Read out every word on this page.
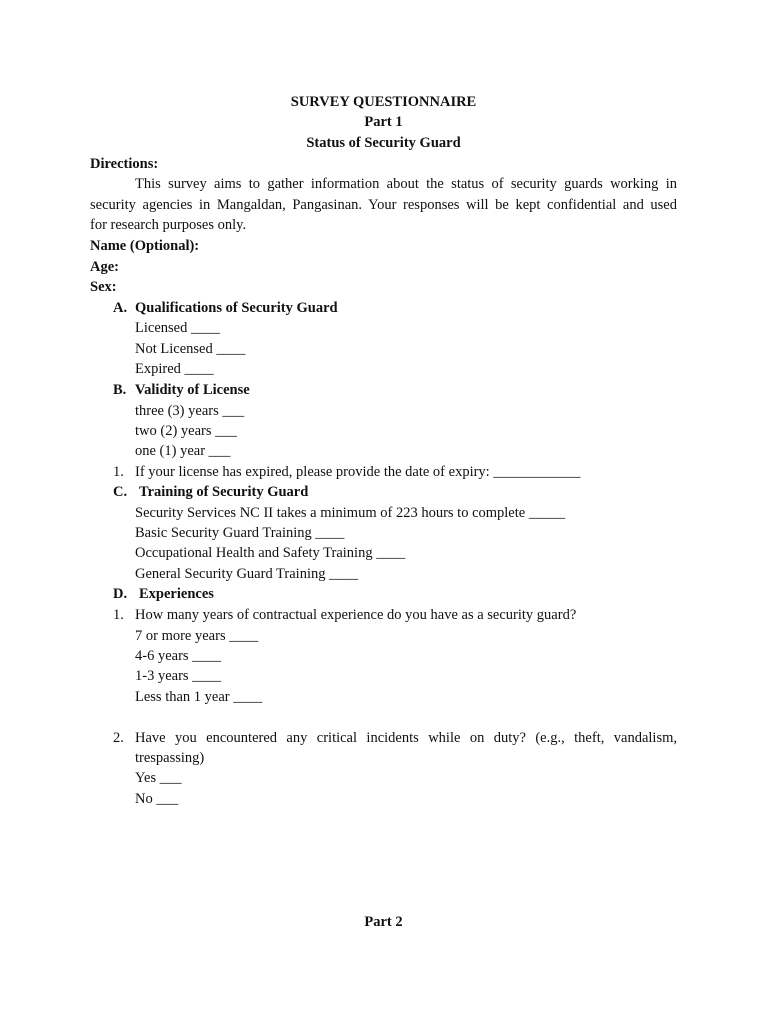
SURVEY QUESTIONNAIRE
Part 1
Status of Security Guard
Directions:
This survey aims to gather information about the status of security guards working in
security agencies in Mangaldan, Pangasinan. Your responses will be kept confidential and used
for research purposes only.
Name (Optional):
Age:
Sex:
A. Qualifications of Security Guard
Licensed ____
Not Licensed ____
Expired ____
B. Validity of License
three (3) years ___
two (2) years ___
one (1) year ___
1. If your license has expired, please provide the date of expiry: ____________
C. Training of Security Guard
Security Services NC II takes a minimum of 223 hours to complete _____
Basic Security Guard Training ____
Occupational Health and Safety Training ____
General Security Guard Training ____
D. Experiences
1. How many years of contractual experience do you have as a security guard?
7 or more years ____
4-6 years ____
1-3 years ____
Less than 1 year ____
2. Have you encountered any critical incidents while on duty? (e.g., theft, vandalism,
trespassing)
Yes ___
No ___
Part 2
